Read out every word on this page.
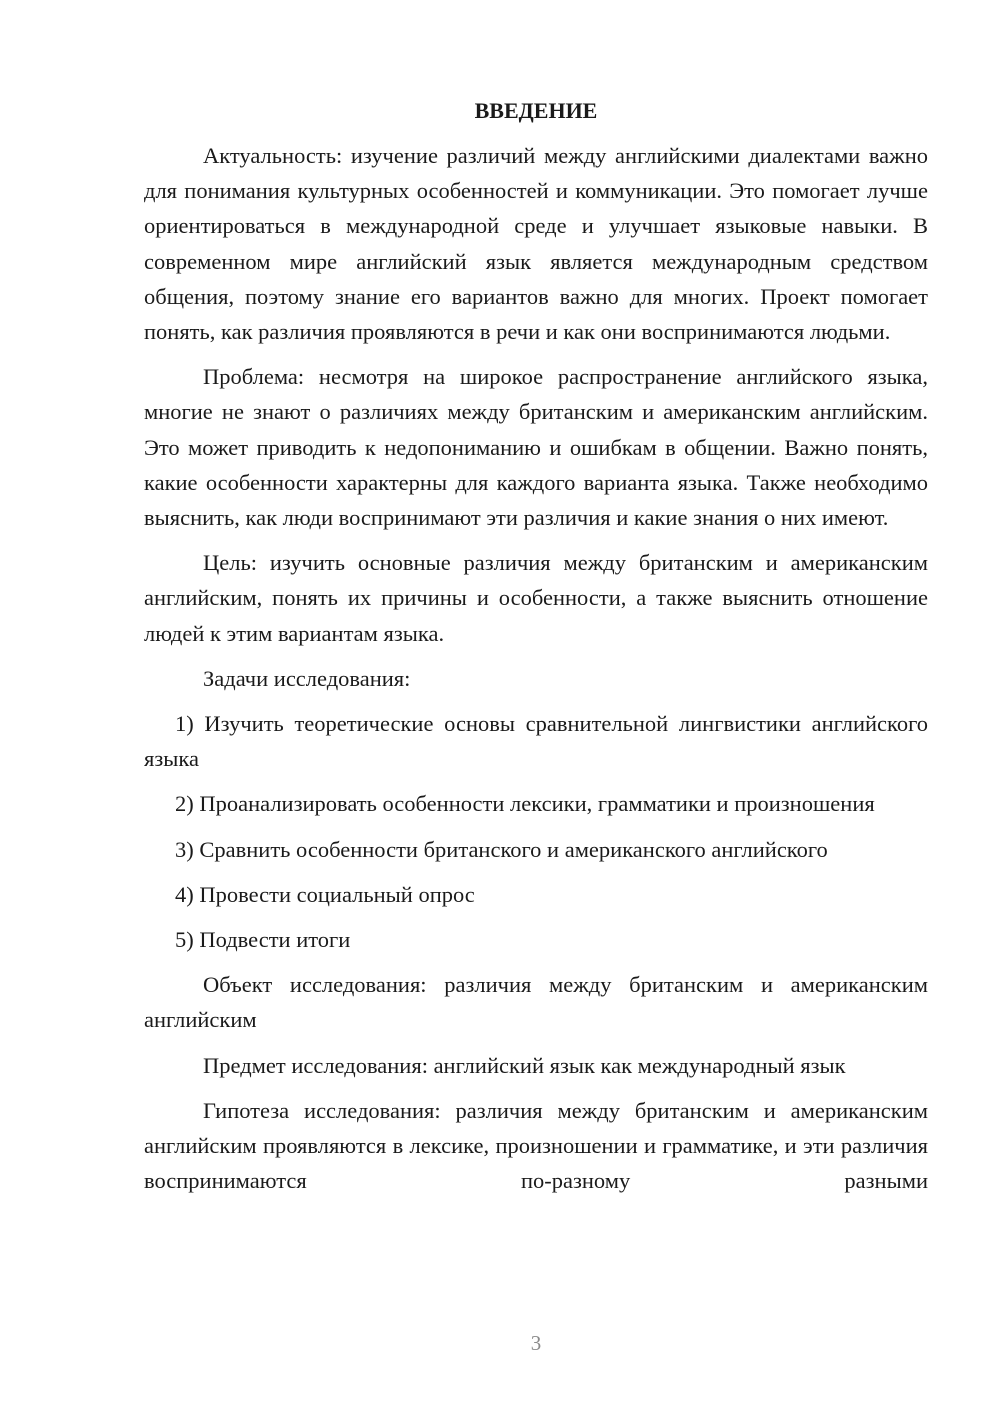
ВВЕДЕНИЕ

Актуальность: изучение различий между английскими диалектами важно для понимания культурных особенностей и коммуникации. Это помогает лучше ориентироваться в международной среде и улучшает языковые навыки. В современном мире английский язык является международным средством общения, поэтому знание его вариантов важно для многих. Проект помогает понять, как различия проявляются в речи и как они воспринимаются людьми.

Проблема: несмотря на широкое распространение английского языка, многие не знают о различиях между британским и американским английским. Это может приводить к недопониманию и ошибкам в общении. Важно понять, какие особенности характерны для каждого варианта языка. Также необходимо выяснить, как люди воспринимают эти различия и какие знания о них имеют.

Цель: изучить основные различия между британским и американским английским, понять их причины и особенности, а также выяснить отношение людей к этим вариантам языка.

Задачи исследования:

1) Изучить теоретические основы сравнительной лингвистики английского языка

2) Проанализировать особенности лексики, грамматики и произношения

3) Сравнить особенности британского и американского английского

4) Провести социальный опрос

5) Подвести итоги

Объект исследования: различия между британским и американским английским

Предмет исследования: английский язык как международный язык

Гипотеза исследования: различия между британским и американским английским проявляются в лексике, произношении и грамматике, и эти различия воспринимаются по-разному разными

3
